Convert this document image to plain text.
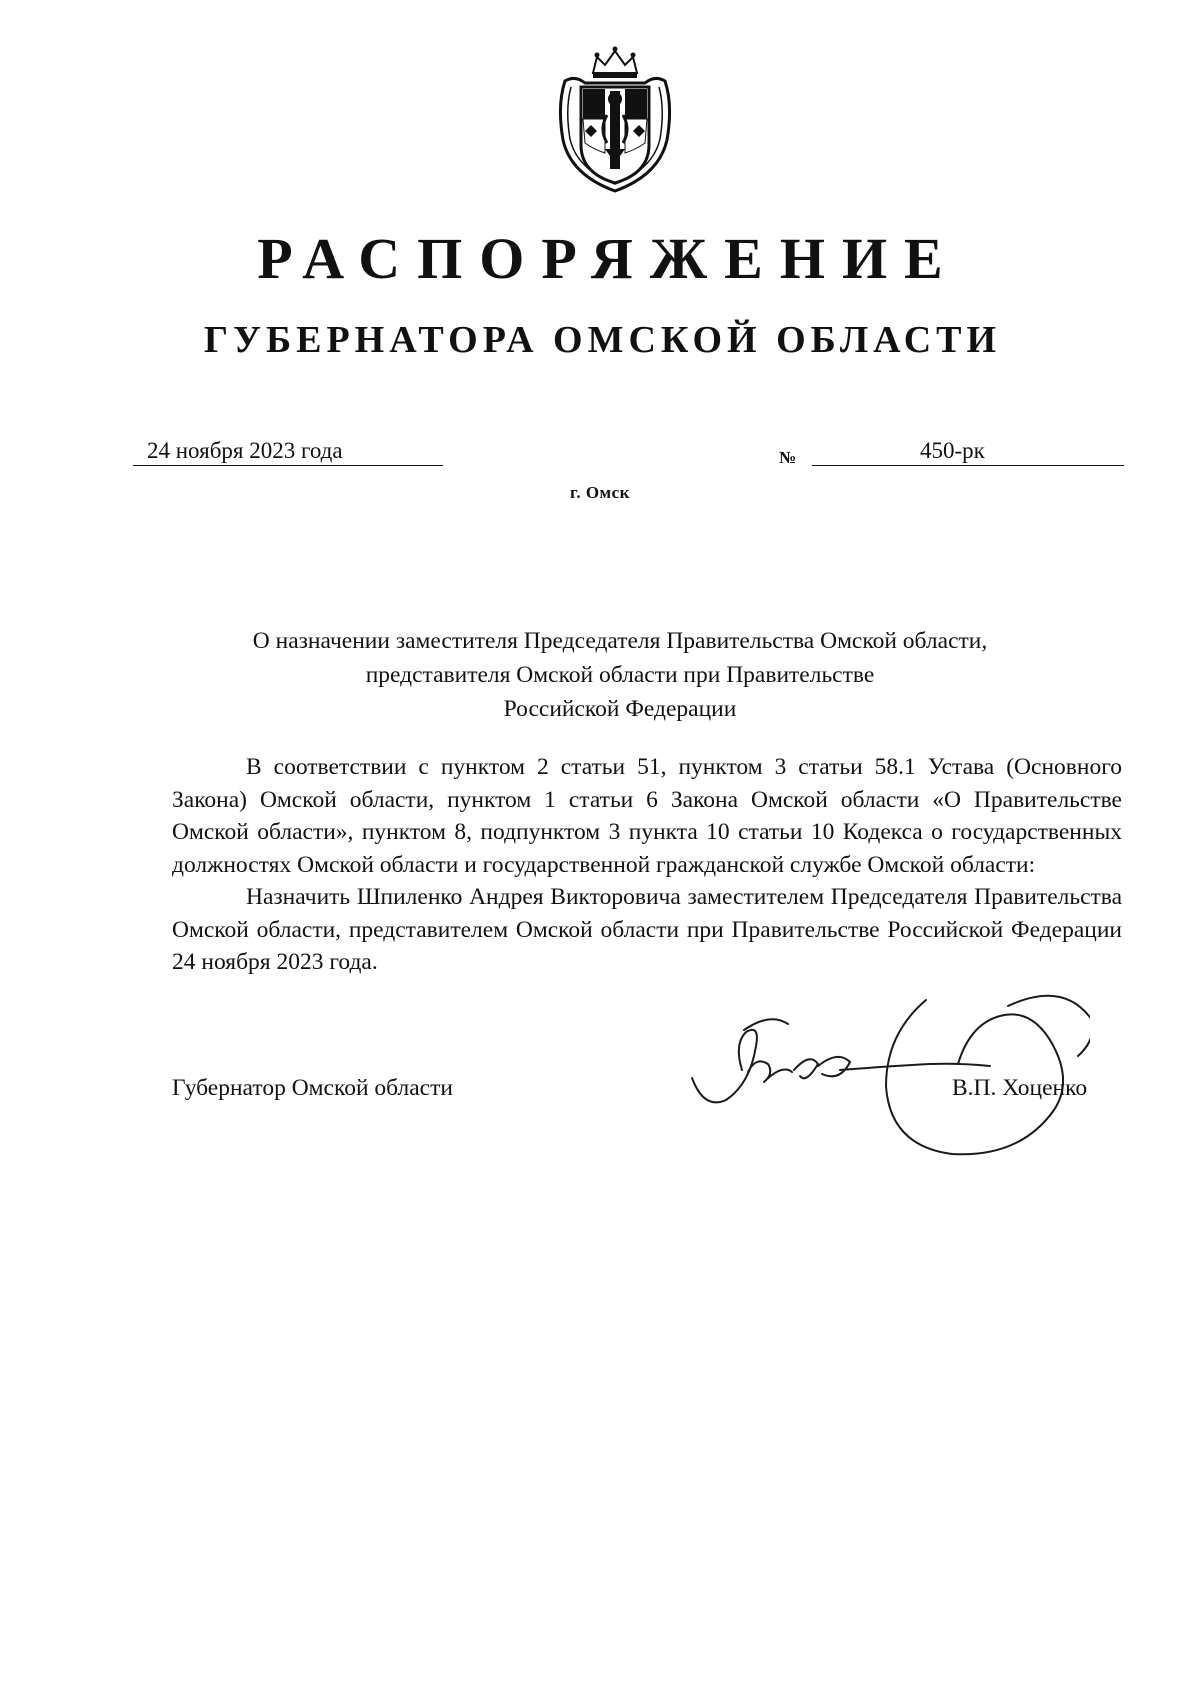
РАСПОРЯЖЕНИЕ
ГУБЕРНАТОРА ОМСКОЙ ОБЛАСТИ
24 ноября 2023 года	№	450-рк
г. Омск
О назначении заместителя Председателя Правительства Омской области,
представителя Омской области при Правительстве
Российской Федерации

В соответствии с пунктом 2 статьи 51, пунктом 3 статьи 58.1 Устава (Основного Закона) Омской области, пунктом 1 статьи 6 Закона Омской области «О Правительстве Омской области», пунктом 8, подпунктом 3 пункта 10 статьи 10 Кодекса о государственных должностях Омской области и государственной гражданской службе Омской области:

Назначить Шпиленко Андрея Викторовича заместителем Председателя Правительства Омской области, представителем Омской области при Правительстве Российской Федерации 24 ноября 2023 года.

Губернатор Омской области	В.П. Хоценко
